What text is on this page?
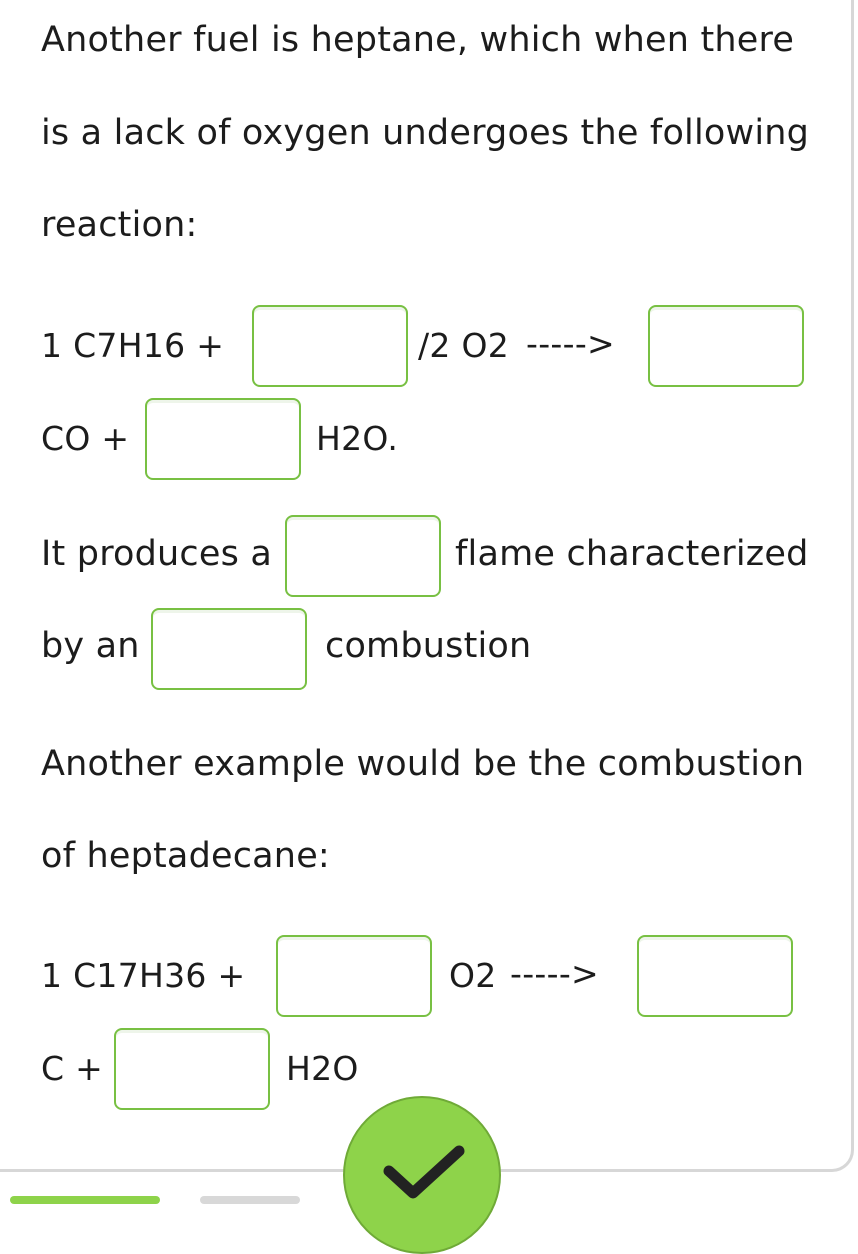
Another fuel is heptane, which when there
is a lack of oxygen undergoes the following
reaction:
1 C7H16 +	/2 O2 ----->
CO +	H2O.
It produces a	flame characterized
by an	combustion
Another example would be the combustion
of heptadecane:
1 C17H36 +	O2 ----->
C +	H2O
